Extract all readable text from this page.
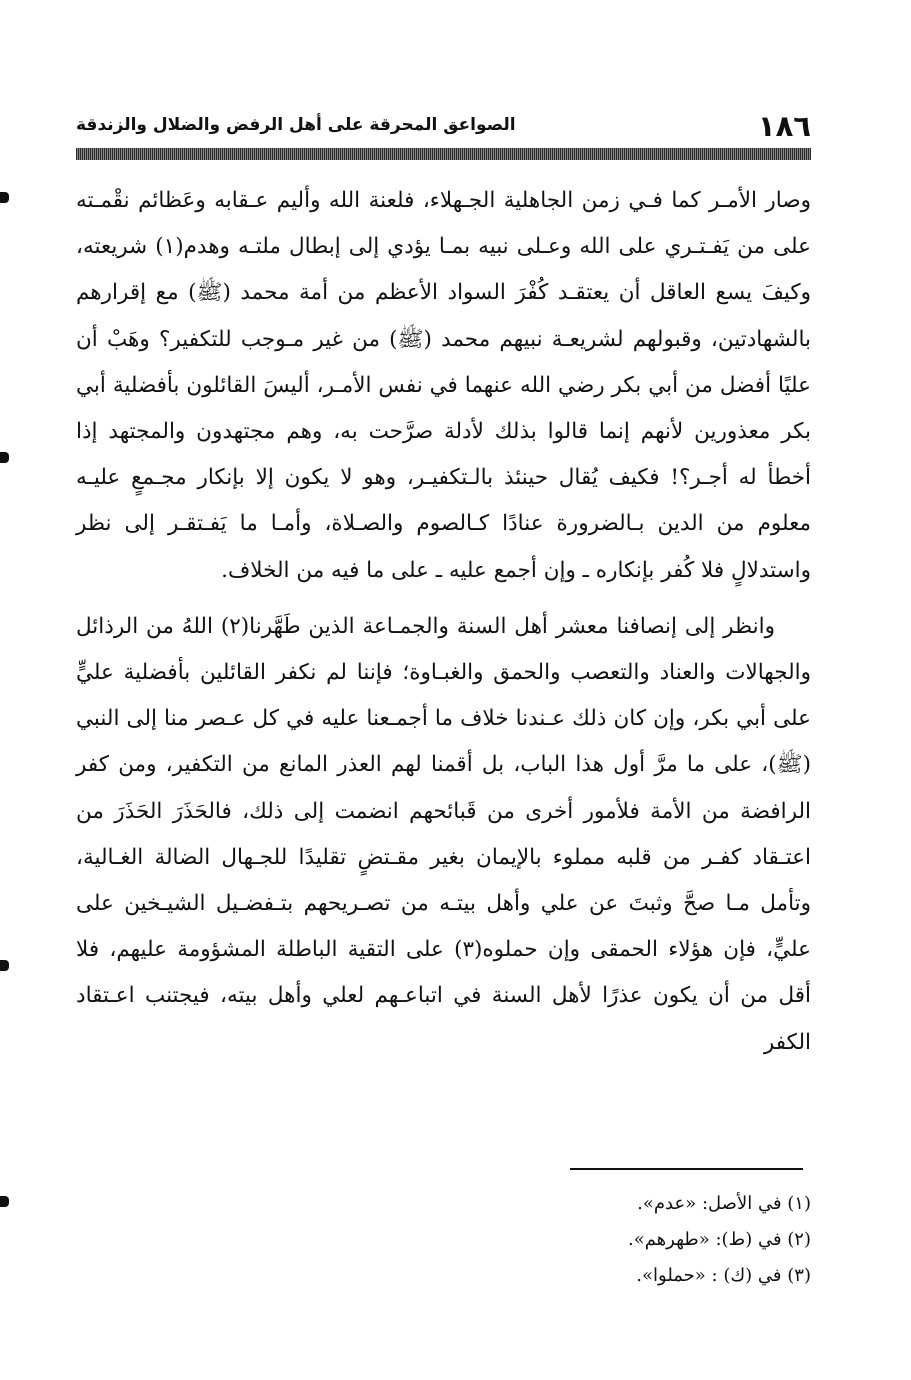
١٨٦
الصواعق المحرقة على أهل الرفض والضلال والزندقة

وصار الأمـر كما فـي زمن الجاهلية الجـهلاء، فلعنة الله وأليم عـقابه وعَظائم نقْمـته على من يَفـتـري على الله وعـلى نبيه بمـا يؤدي إلى إبطال ملتـه وهدم(١) شريعته، وكيفَ يسع العاقل أن يعتقـد كُفْرَ السواد الأعظم من أمة محمد (ﷺ) مع إقرارهم بالشهادتين، وقبولهم لشريعـة نبيهم محمد (ﷺ) من غير مـوجب للتكفير؟ وهَبْ أن عليًا أفضل من أبي بكر رضي الله عنهما في نفس الأمـر، أليسَ القائلون بأفضلية أبي بكر معذورين لأنهم إنما قالوا بذلك لأدلة صرَّحت به، وهم مجتهدون والمجتهد إذا أخطأ له أجـر؟! فكيف يُقال حينئذ بالـتكفيـر، وهو لا يكون إلا بإنكار مجـمعٍ عليـه معلوم من الدين بـالضرورة عنادًا كـالصوم والصـلاة، وأمـا ما يَفـتقـر إلى نظر واستدلالٍ فلا كُفر بإنكاره ـ وإن أجمع عليه ـ على ما فيه من الخلاف.

وانظر إلى إنصافنا معشر أهل السنة والجمـاعة الذين طَهَّرنا(٢) اللهُ من الرذائل والجهالات والعناد والتعصب والحمق والغبـاوة؛ فإننا لم نكفر القائلين بأفضلية عليٍّ على أبي بكر، وإن كان ذلك عـندنا خلاف ما أجمـعنا عليه في كل عـصر منا إلى النبي (ﷺ)، على ما مرَّ أول هذا الباب، بل أقمنا لهم العذر المانع من التكفير، ومن كفر الرافضة من الأمة فلأمور أخرى من قَبائحهم انضمت إلى ذلك، فالحَذَرَ الحَذَرَ من اعتـقاد كفـر من قلبه مملوء بالإيمان بغير مقـتضٍ تقليدًا للجـهال الضالة الغـالية، وتأمل مـا صحَّ وثبتَ عن علي وأهل بيتـه من تصـريحهم بتـفضـيل الشيـخين على عليٍّ، فإن هؤلاء الحمقى وإن حملوه(٣) على التقية الباطلة المشؤومة عليهم، فلا أقل من أن يكون عذرًا لأهل السنة في اتباعـهم لعلي وأهل بيته، فيجتنب اعـتقاد الكفر

(١) في الأصل: «عدم».

(٢) في (ط): «طهرهم».

(٣) في (ك) : «حملوا».
